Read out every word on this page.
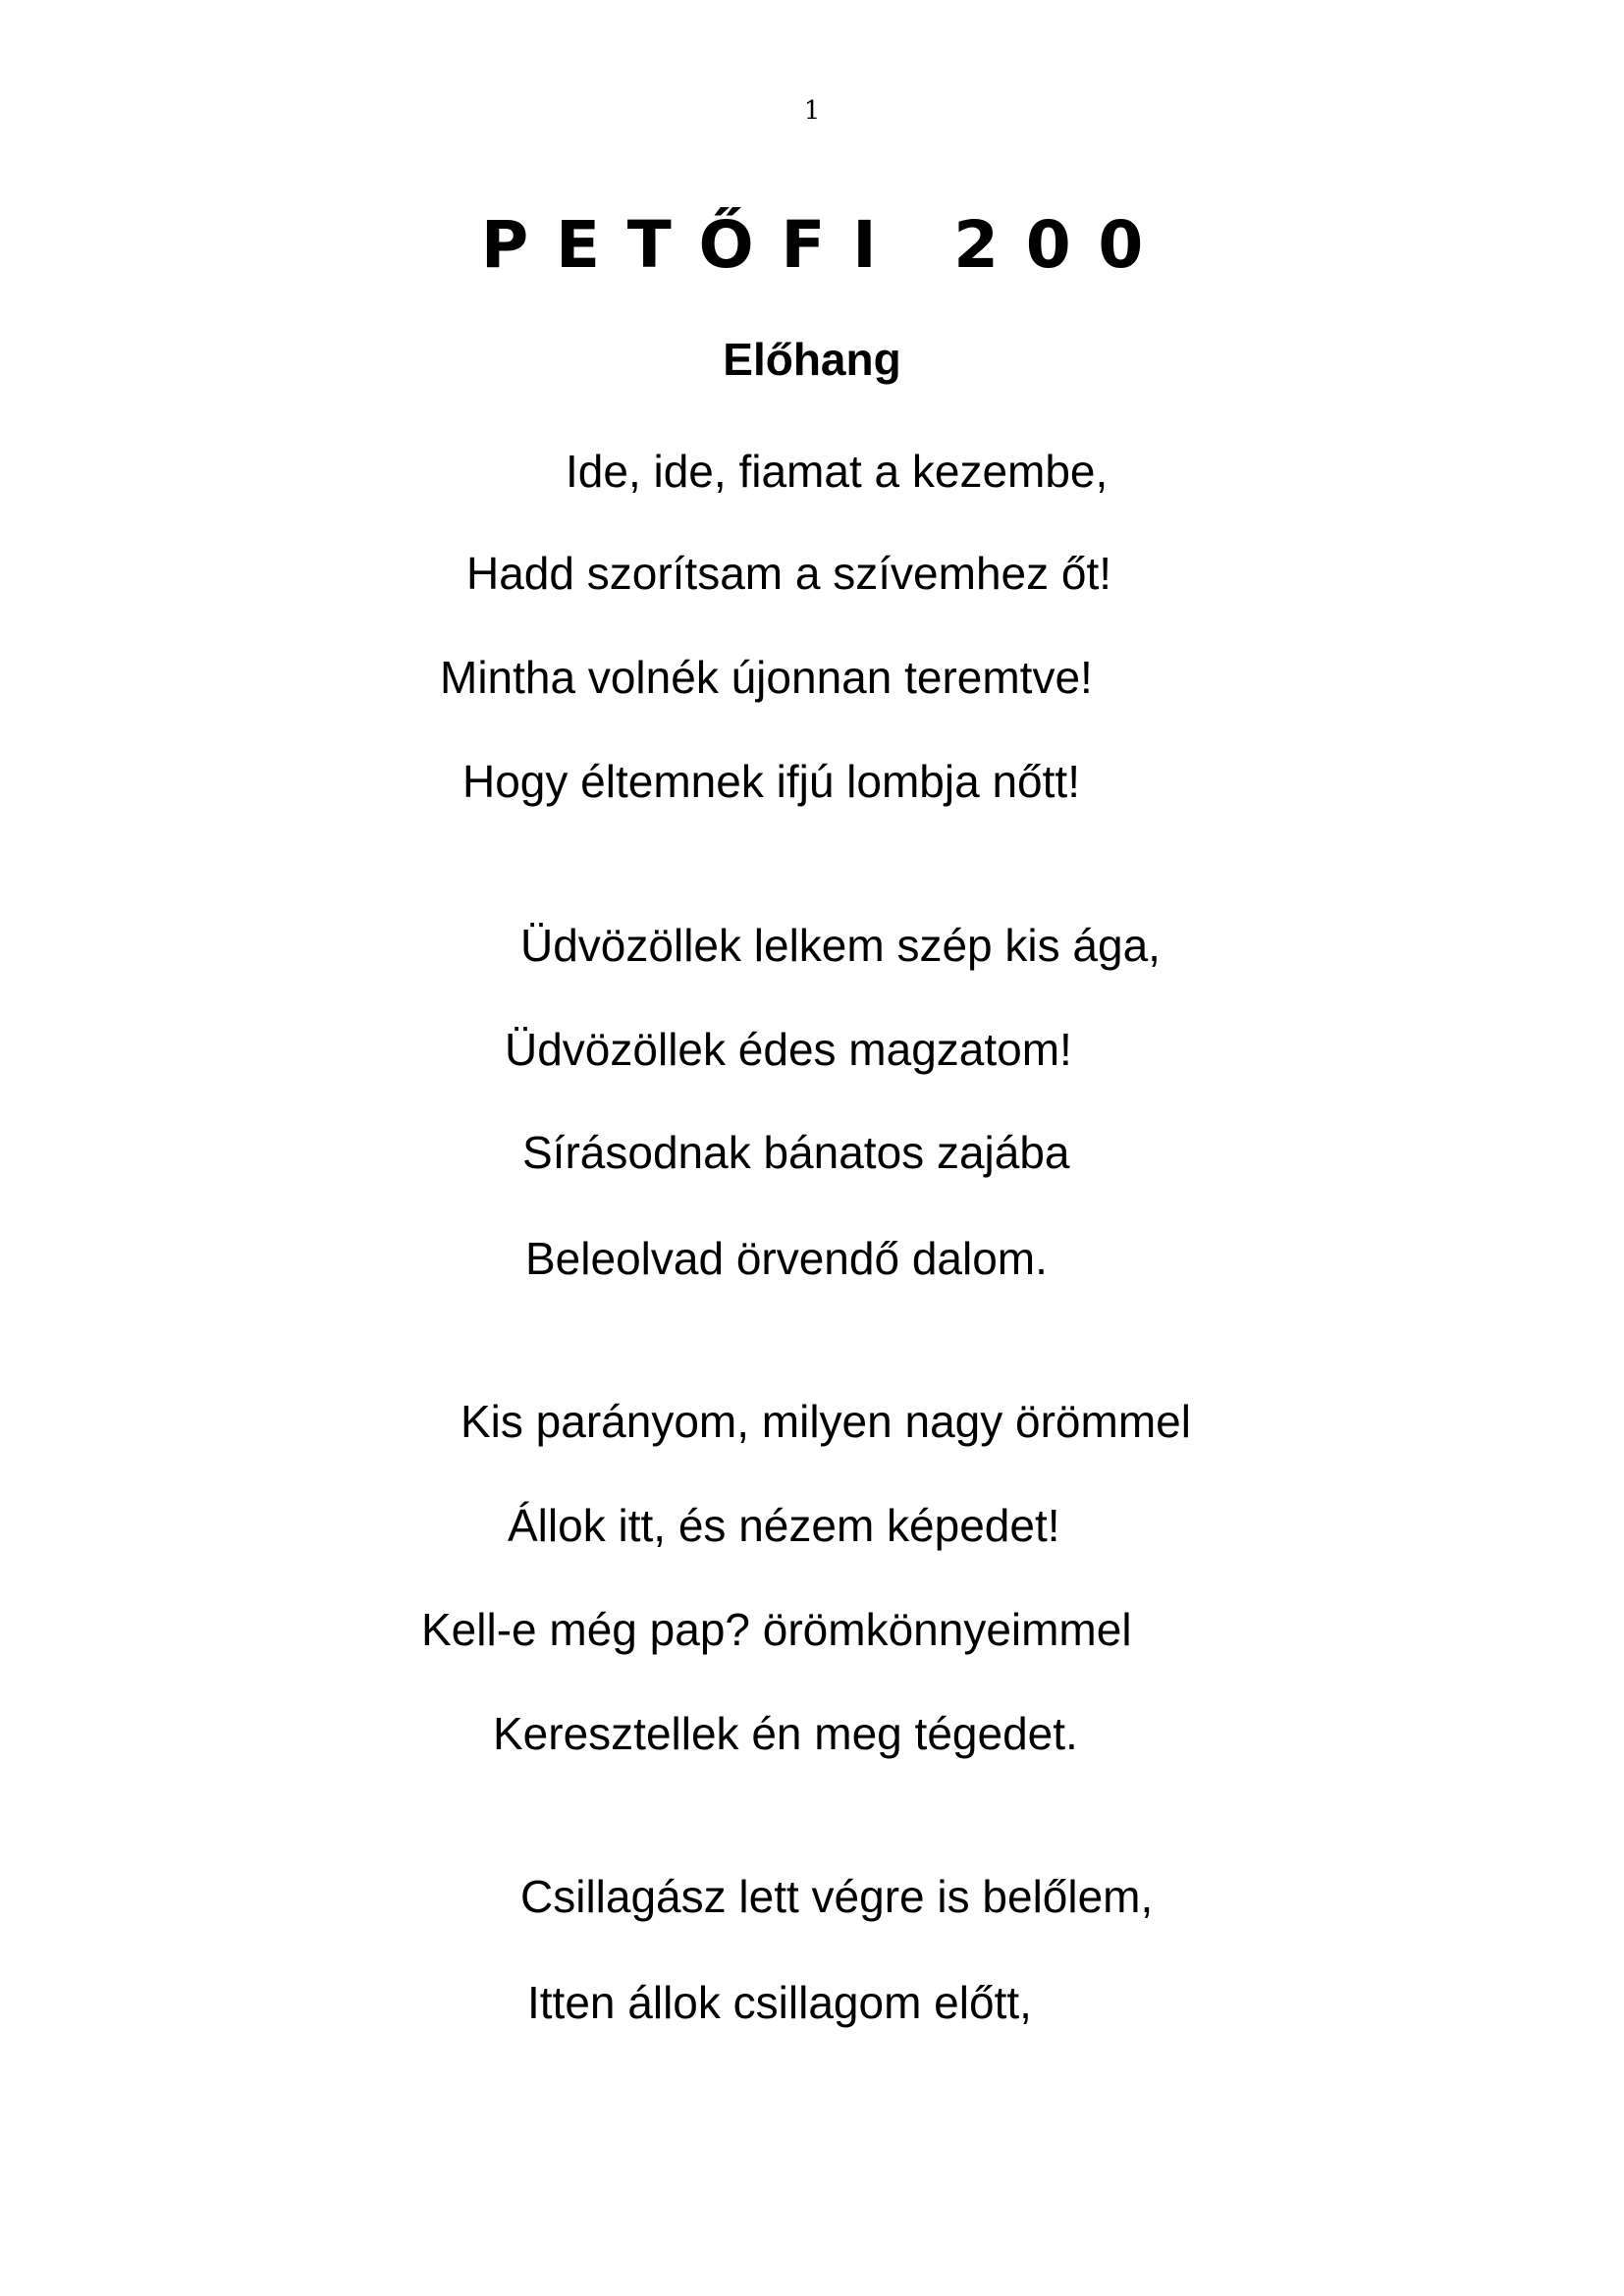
1
PETŐFI 200
Előhang
Ide, ide, fiamat a kezembe,
Hadd szorítsam a szívemhez őt!
Mintha volnék újonnan teremtve!
Hogy éltemnek ifjú lombja nőtt!
Üdvözöllek lelkem szép kis ága,
Üdvözöllek édes magzatom!
Sírásodnak bánatos zajába
Beleolvad örvendő dalom.
Kis parányom, milyen nagy örömmel
Állok itt, és nézem képedet!
Kell-e még pap? örömkönnyeimmel
Keresztellek én meg tégedet.
Csillagász lett végre is belőlem,
Itten állok csillagom előtt,
